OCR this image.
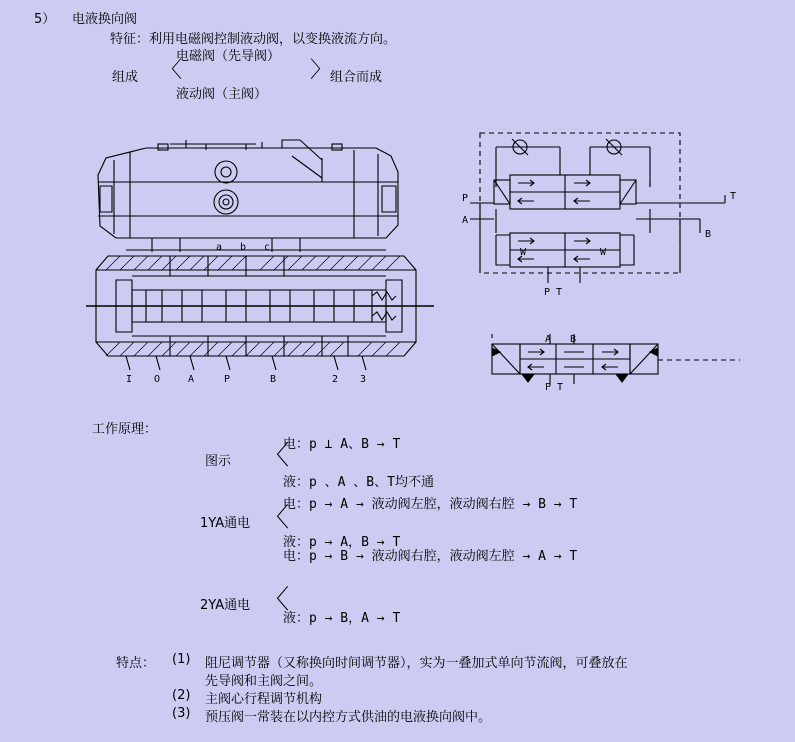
5） 电液换向阀
特征：利用电磁阀控制液动阀，以变换液流方向。
组成 〈
电磁阀（先导阀）
液动阀（主阀）
〉
组合而成
I O	A	P	B	2 3
a b c
P
A
T
B
W	W
P T
A B
P T
工作原理：
图示 〈
电：p ⊥ A、B → T
液：p 、A 、B、T均不通
1YA通电 〈
电：p → A → 液动阀左腔，液动阀右腔 → B → T
液：p → A，B → T
2YA通电 〈
电：p → B → 液动阀右腔，液动阀左腔 → A → T
液：p → B，A → T
特点： (1) 阻尼调节器（又称换向时间调节器），实为一叠加式单向节流阀，可叠放在
先导阀和主阀之间。
(2) 主阀心行程调节机构
(3) 预压阀一常装在以内控方式供油的电液换向阀中。
